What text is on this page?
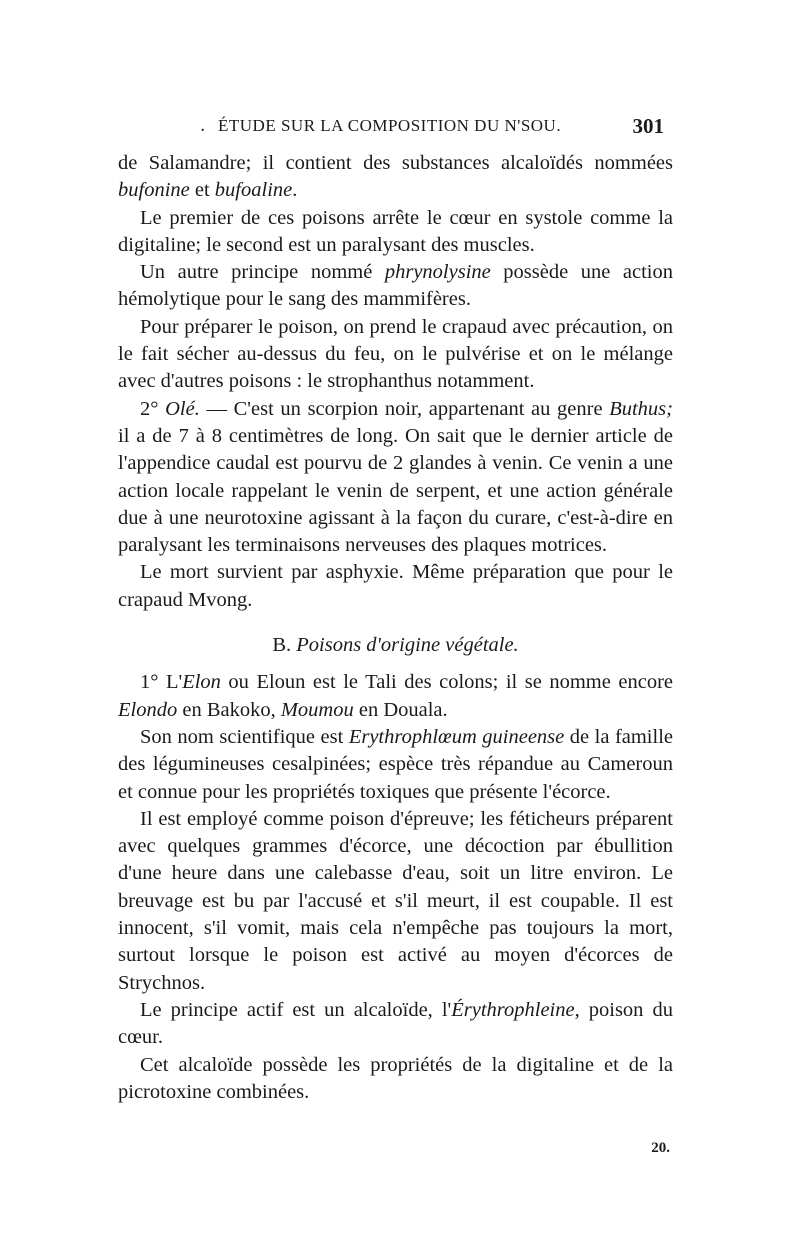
. ÉTUDE SUR LA COMPOSITION DU N'SOU.	301

de Salamandre; il contient des substances alcaloïdés nommées bufonine et bufoaline.

Le premier de ces poisons arrête le cœur en systole comme la digitaline; le second est un paralysant des muscles.

Un autre principe nommé phrynolysine possède une action hémolytique pour le sang des mammifères.

Pour préparer le poison, on prend le crapaud avec précaution, on le fait sécher au-dessus du feu, on le pulvérise et on le mélange avec d'autres poisons : le strophanthus notamment.

2° Olé. — C'est un scorpion noir, appartenant au genre Buthus; il a de 7 à 8 centimètres de long. On sait que le dernier article de l'appendice caudal est pourvu de 2 glandes à venin. Ce venin a une action locale rappelant le venin de serpent, et une action générale due à une neurotoxine agissant à la façon du curare, c'est-à-dire en paralysant les terminaisons nerveuses des plaques motrices.

Le mort survient par asphyxie. Même préparation que pour le crapaud Mvong.

B. Poisons d'origine végétale.

1° L'Elon ou Eloun est le Tali des colons; il se nomme encore Elondo en Bakoko, Moumou en Douala.

Son nom scientifique est Erythrophlœum guineense de la famille des légumineuses cesalpinées; espèce très répandue au Cameroun et connue pour les propriétés toxiques que présente l'écorce.

Il est employé comme poison d'épreuve; les féticheurs préparent avec quelques grammes d'écorce, une décoction par ébullition d'une heure dans une calebasse d'eau, soit un litre environ. Le breuvage est bu par l'accusé et s'il meurt, il est coupable. Il est innocent, s'il vomit, mais cela n'empêche pas toujours la mort, surtout lorsque le poison est activé au moyen d'écorces de Strychnos.

Le principe actif est un alcaloïde, l'Érythrophleine, poison du cœur.

Cet alcaloïde possède les propriétés de la digitaline et de la picrotoxine combinées.

20.
